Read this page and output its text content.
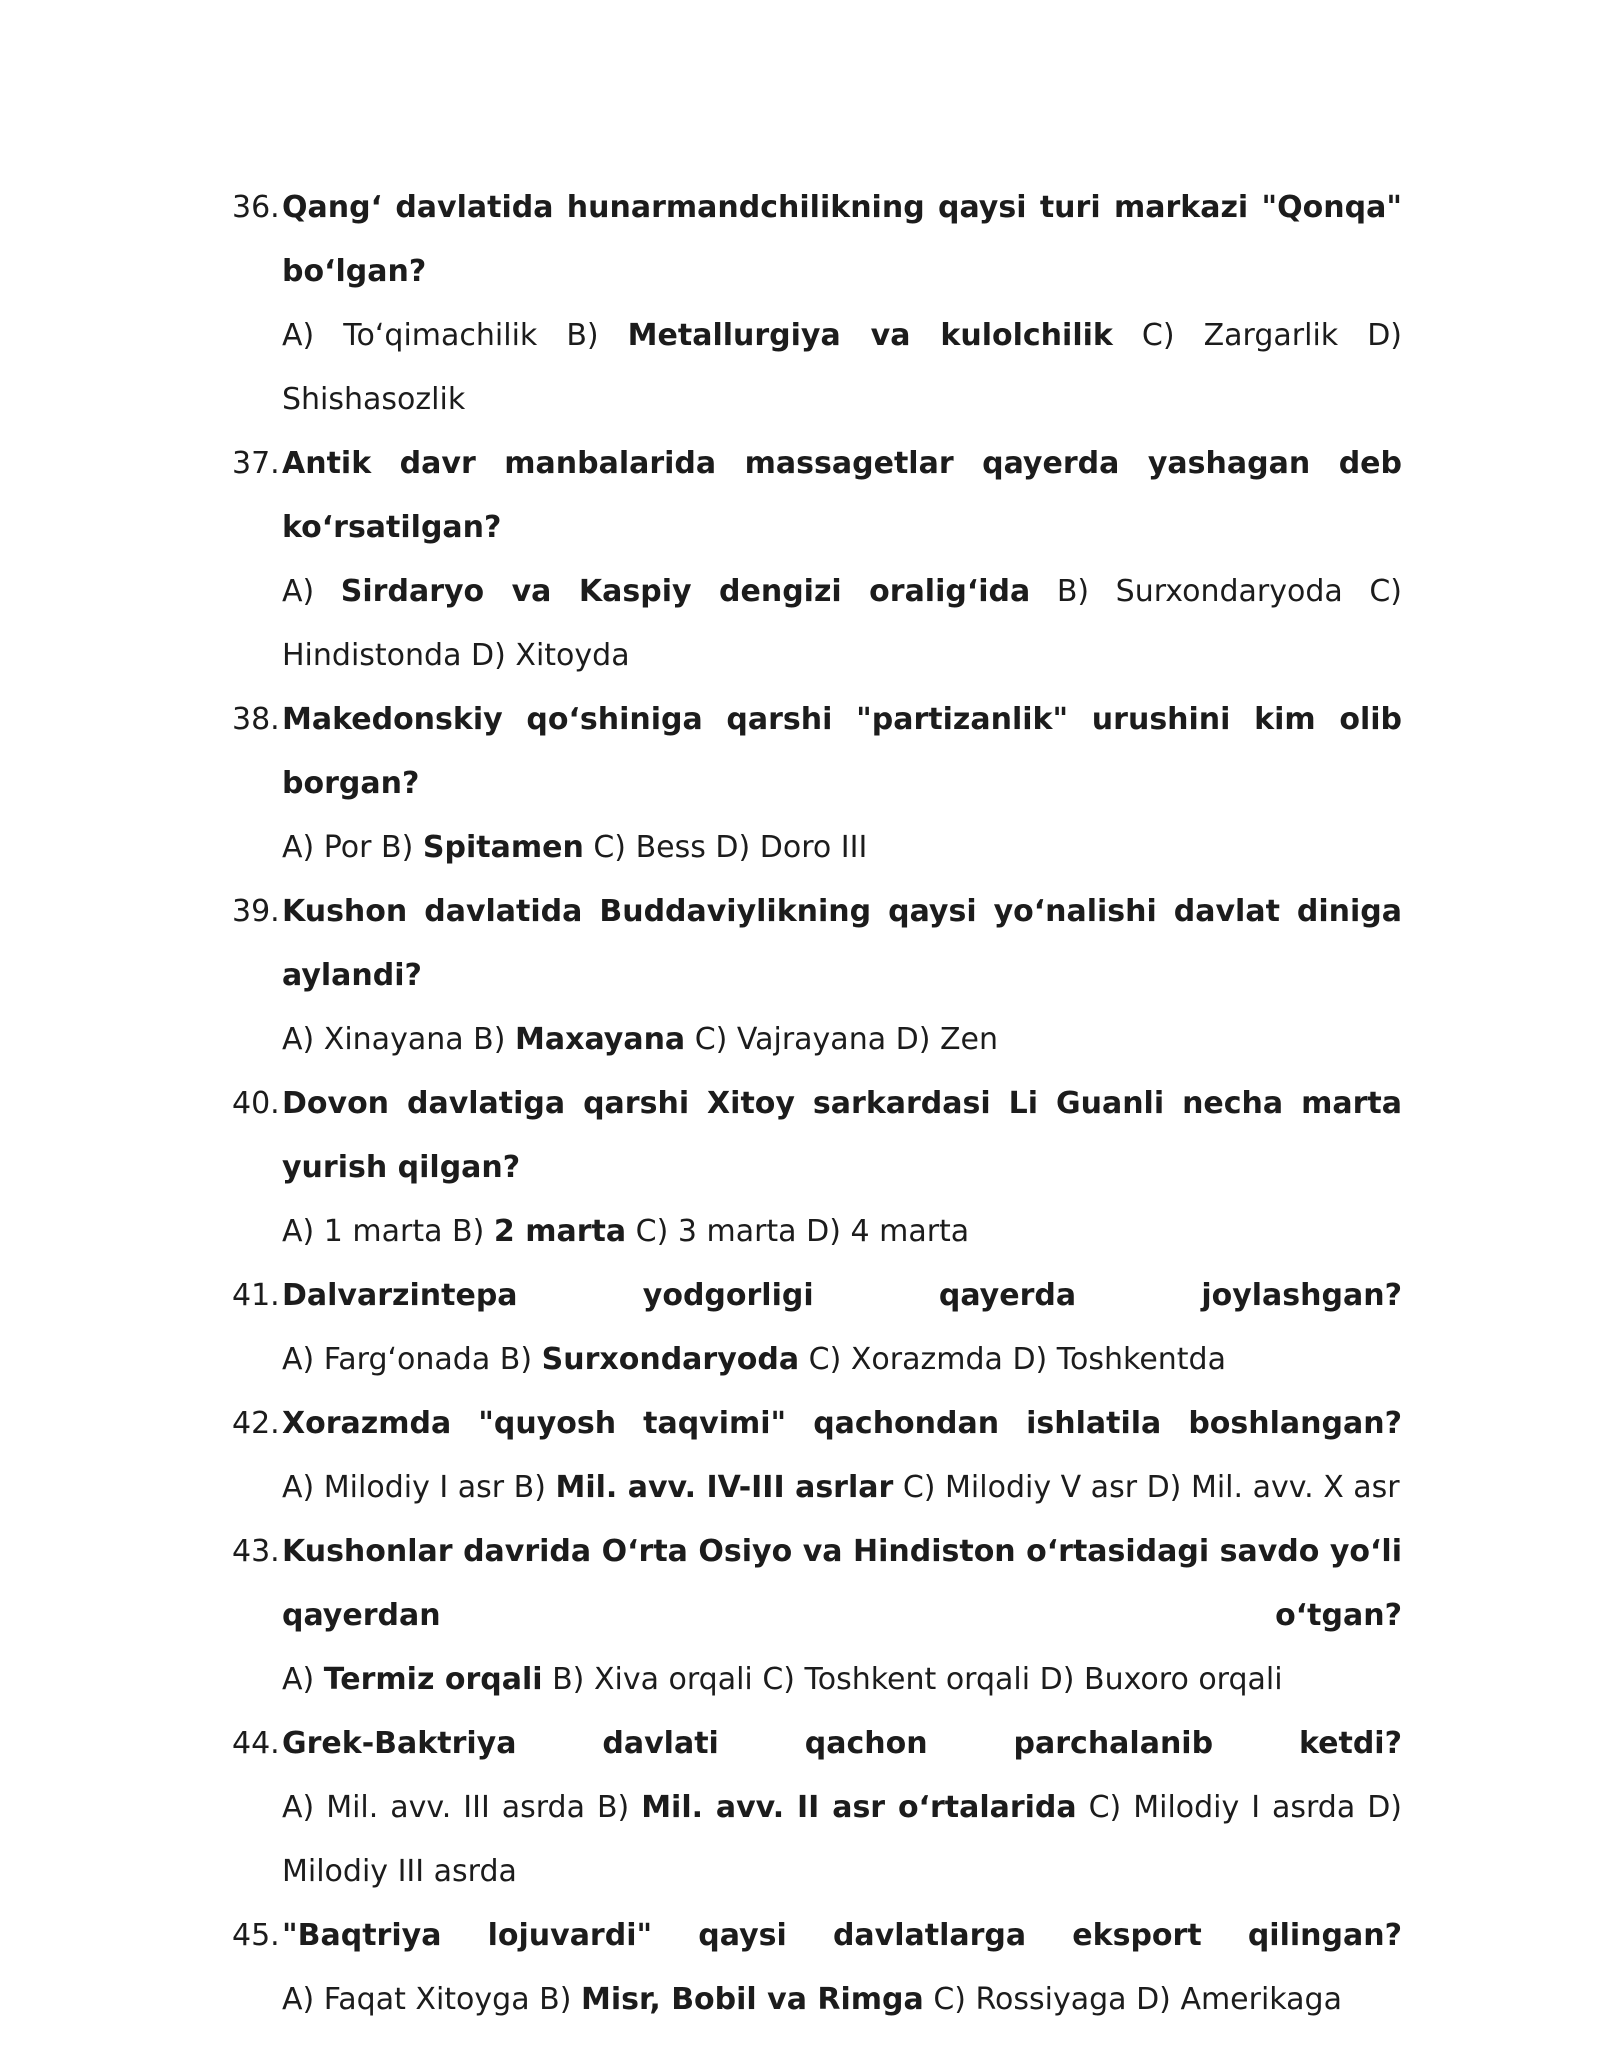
36. Qang‘ davlatida hunarmandchilikning qaysi turi markazi "Qonqa" bo‘lgan?
A) To‘qimachilik B) Metallurgiya va kulolchilik C) Zargarlik D) Shishasozlik
37. Antik davr manbalarida massagetlar qayerda yashagan deb ko‘rsatilgan?
A) Sirdaryo va Kaspiy dengizi oralig‘ida B) Surxondaryoda C) Hindistonda D) Xitoyda
38. Makedonskiy qo‘shiniga qarshi "partizanlik" urushini kim olib borgan?
A) Por B) Spitamen C) Bess D) Doro III
39. Kushon davlatida Buddaviylikning qaysi yo‘nalishi davlat diniga aylandi?
A) Xinayana B) Maxayana C) Vajrayana D) Zen
40. Dovon davlatiga qarshi Xitoy sarkardasi Li Guanli necha marta yurish qilgan?
A) 1 marta B) 2 marta C) 3 marta D) 4 marta
41. Dalvarzintepa yodgorligi qayerda joylashgan?
A) Farg‘onada B) Surxondaryoda C) Xorazmda D) Toshkentda
42. Xorazmda "quyosh taqvimi" qachondan ishlatila boshlangan?
A) Milodiy I asr B) Mil. avv. IV-III asrlar C) Milodiy V asr D) Mil. avv. X asr
43. Kushonlar davrida O‘rta Osiyo va Hindiston o‘rtasidagi savdo yo‘li qayerdan o‘tgan?
A) Termiz orqali B) Xiva orqali C) Toshkent orqali D) Buxoro orqali
44. Grek-Baktriya davlati qachon parchalanib ketdi?
A) Mil. avv. III asrda B) Mil. avv. II asr o‘rtalarida C) Milodiy I asrda D) Milodiy III asrda
45. "Baqtriya lojuvardi" qaysi davlatlarga eksport qilingan?
A) Faqat Xitoyga B) Misr, Bobil va Rimga C) Rossiyaga D) Amerikaga
